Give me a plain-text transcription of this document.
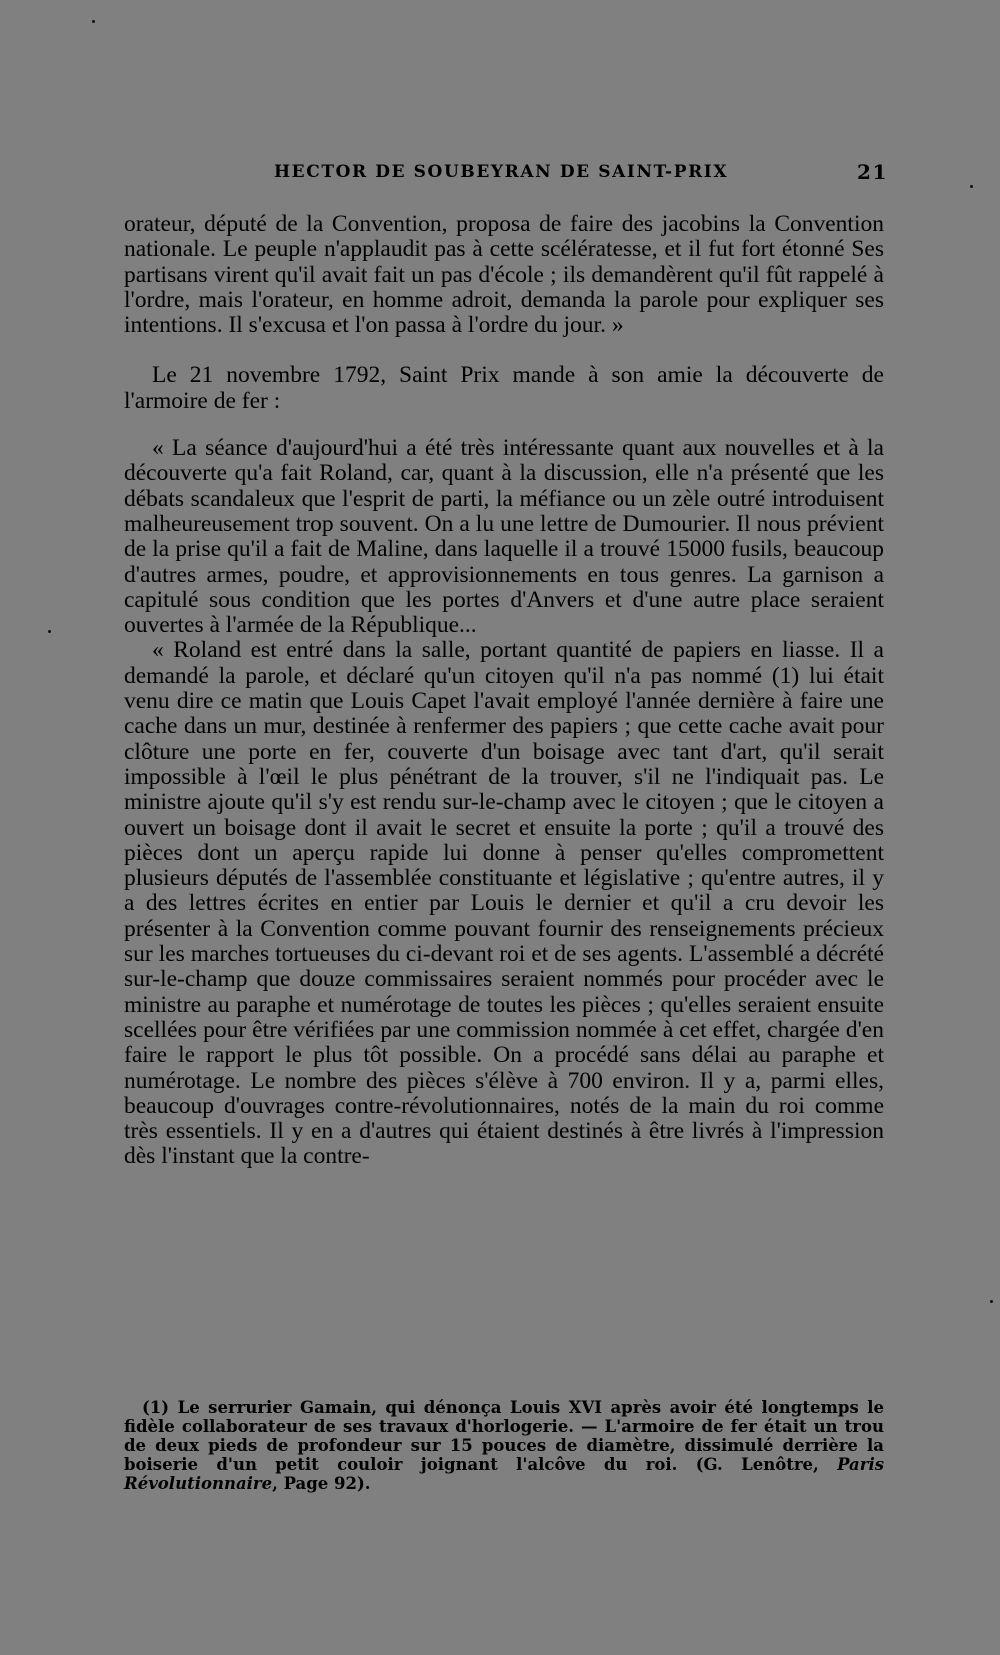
HECTOR DE SOUBEYRAN DE SAINT-PRIX	21

orateur, député de la Convention, proposa de faire des jacobins la Convention nationale. Le peuple n'applaudit pas à cette scélératesse, et il fut fort étonné Ses partisans virent qu'il avait fait un pas d'école ; ils demandèrent qu'il fût rappelé à l'ordre, mais l'orateur, en homme adroit, demanda la parole pour expliquer ses intentions. Il s'excusa et l'on passa à l'ordre du jour. »

Le 21 novembre 1792, Saint Prix mande à son amie la découverte de l'armoire de fer :

« La séance d'aujourd'hui a été très intéressante quant aux nouvelles et à la découverte qu'a fait Roland, car, quant à la discussion, elle n'a présenté que les débats scandaleux que l'esprit de parti, la méfiance ou un zèle outré introduisent malheureusement trop souvent. On a lu une lettre de Dumourier. Il nous prévient de la prise qu'il a fait de Maline, dans laquelle il a trouvé 15000 fusils, beaucoup d'autres armes, poudre, et approvisionnements en tous genres. La garnison a capitulé sous condition que les portes d'Anvers et d'une autre place seraient ouvertes à l'armée de la République...

« Roland est entré dans la salle, portant quantité de papiers en liasse. Il a demandé la parole, et déclaré qu'un citoyen qu'il n'a pas nommé (1) lui était venu dire ce matin que Louis Capet l'avait employé l'année dernière à faire une cache dans un mur, destinée à renfermer des papiers ; que cette cache avait pour clôture une porte en fer, couverte d'un boisage avec tant d'art, qu'il serait impossible à l'œil le plus pénétrant de la trouver, s'il ne l'indiquait pas. Le ministre ajoute qu'il s'y est rendu sur-le-champ avec le citoyen ; que le citoyen a ouvert un boisage dont il avait le secret et ensuite la porte ; qu'il a trouvé des pièces dont un aperçu rapide lui donne à penser qu'elles compromettent plusieurs députés de l'assemblée constituante et législative ; qu'entre autres, il y a des lettres écrites en entier par Louis le dernier et qu'il a cru devoir les présenter à la Convention comme pouvant fournir des renseignements précieux sur les marches tortueuses du ci-devant roi et de ses agents. L'assemblé a décrété sur-le-champ que douze commissaires seraient nommés pour procéder avec le ministre au paraphe et numérotage de toutes les pièces ; qu'elles seraient ensuite scellées pour être vérifiées par une commission nommée à cet effet, chargée d'en faire le rapport le plus tôt possible. On a procédé sans délai au paraphe et numérotage. Le nombre des pièces s'élève à 700 environ. Il y a, parmi elles, beaucoup d'ouvrages contre-révolutionnaires, notés de la main du roi comme très essentiels. Il y en a d'autres qui étaient destinés à être livrés à l'impression dès l'instant que la contre-

(1) Le serrurier Gamain, qui dénonça Louis XVI après avoir été longtemps le fidèle collaborateur de ses travaux d'horlogerie. — L'armoire de fer était un trou de deux pieds de profondeur sur 15 pouces de diamètre, dissimulé derrière la boiserie d'un petit couloir joignant l'alcôve du roi. (G. Lenôtre, Paris Révolutionnaire, Page 92).
